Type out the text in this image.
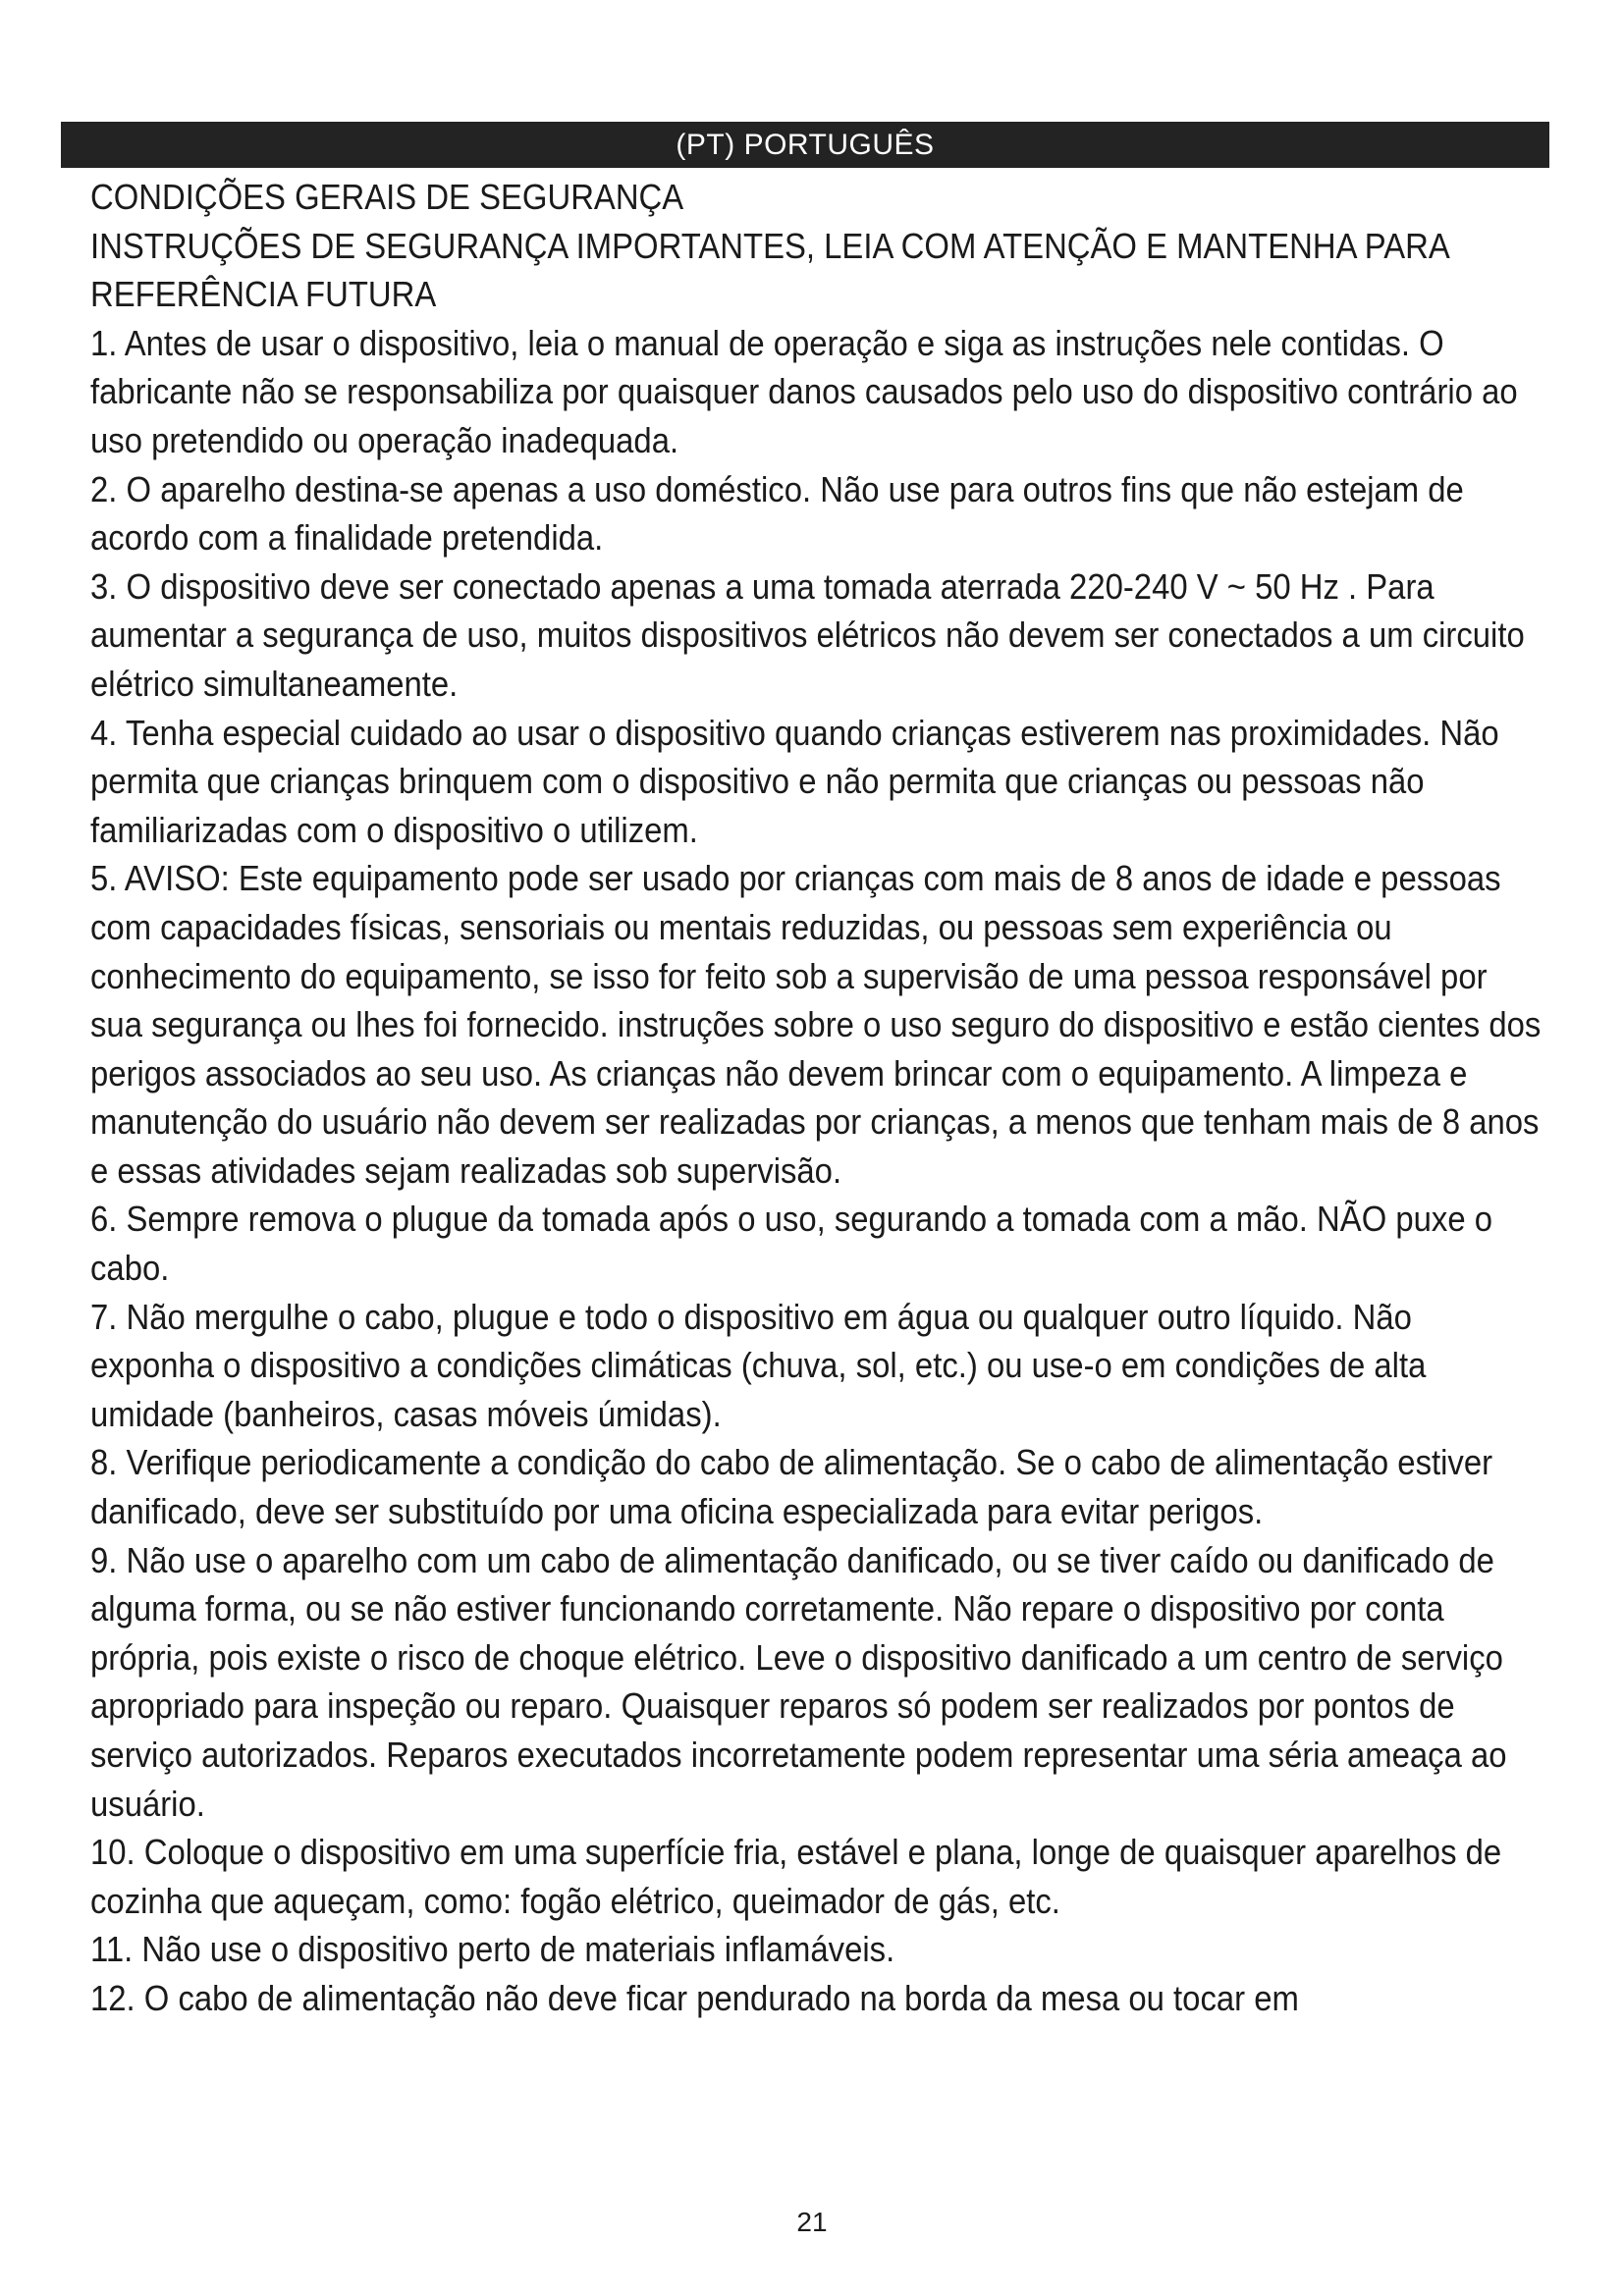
(PT) PORTUGUÊS

CONDIÇÕES GERAIS DE SEGURANÇA

INSTRUÇÕES DE SEGURANÇA IMPORTANTES, LEIA COM ATENÇÃO E MANTENHA PARA REFERÊNCIA FUTURA

1. Antes de usar o dispositivo, leia o manual de operação e siga as instruções nele contidas. O fabricante não se responsabiliza por quaisquer danos causados pelo uso do dispositivo contrário ao uso pretendido ou operação inadequada.

2. O aparelho destina-se apenas a uso doméstico. Não use para outros fins que não estejam de acordo com a finalidade pretendida.

3. O dispositivo deve ser conectado apenas a uma tomada aterrada 220-240 V ~ 50 Hz . Para aumentar a segurança de uso, muitos dispositivos elétricos não devem ser conectados a um circuito elétrico simultaneamente.

4. Tenha especial cuidado ao usar o dispositivo quando crianças estiverem nas proximidades. Não permita que crianças brinquem com o dispositivo e não permita que crianças ou pessoas não familiarizadas com o dispositivo o utilizem.

5. AVISO: Este equipamento pode ser usado por crianças com mais de 8 anos de idade e pessoas com capacidades físicas, sensoriais ou mentais reduzidas, ou pessoas sem experiência ou conhecimento do equipamento, se isso for feito sob a supervisão de uma pessoa responsável por sua segurança ou lhes foi fornecido. instruções sobre o uso seguro do dispositivo e estão cientes dos perigos associados ao seu uso. As crianças não devem brincar com o equipamento. A limpeza e manutenção do usuário não devem ser realizadas por crianças, a menos que tenham mais de 8 anos e essas atividades sejam realizadas sob supervisão.

6. Sempre remova o plugue da tomada após o uso, segurando a tomada com a mão. NÃO puxe o cabo.

7. Não mergulhe o cabo, plugue e todo o dispositivo em água ou qualquer outro líquido. Não exponha o dispositivo a condições climáticas (chuva, sol, etc.) ou use-o em condições de alta umidade (banheiros, casas móveis úmidas).

8. Verifique periodicamente a condição do cabo de alimentação. Se o cabo de alimentação estiver danificado, deve ser substituído por uma oficina especializada para evitar perigos.

9. Não use o aparelho com um cabo de alimentação danificado, ou se tiver caído ou danificado de alguma forma, ou se não estiver funcionando corretamente. Não repare o dispositivo por conta própria, pois existe o risco de choque elétrico. Leve o dispositivo danificado a um centro de serviço apropriado para inspeção ou reparo. Quaisquer reparos só podem ser realizados por pontos de serviço autorizados. Reparos executados incorretamente podem representar uma séria ameaça ao usuário.

10. Coloque o dispositivo em uma superfície fria, estável e plana, longe de quaisquer aparelhos de cozinha que aqueçam, como: fogão elétrico, queimador de gás, etc.

11. Não use o dispositivo perto de materiais inflamáveis.

12. O cabo de alimentação não deve ficar pendurado na borda da mesa ou tocar em

21
